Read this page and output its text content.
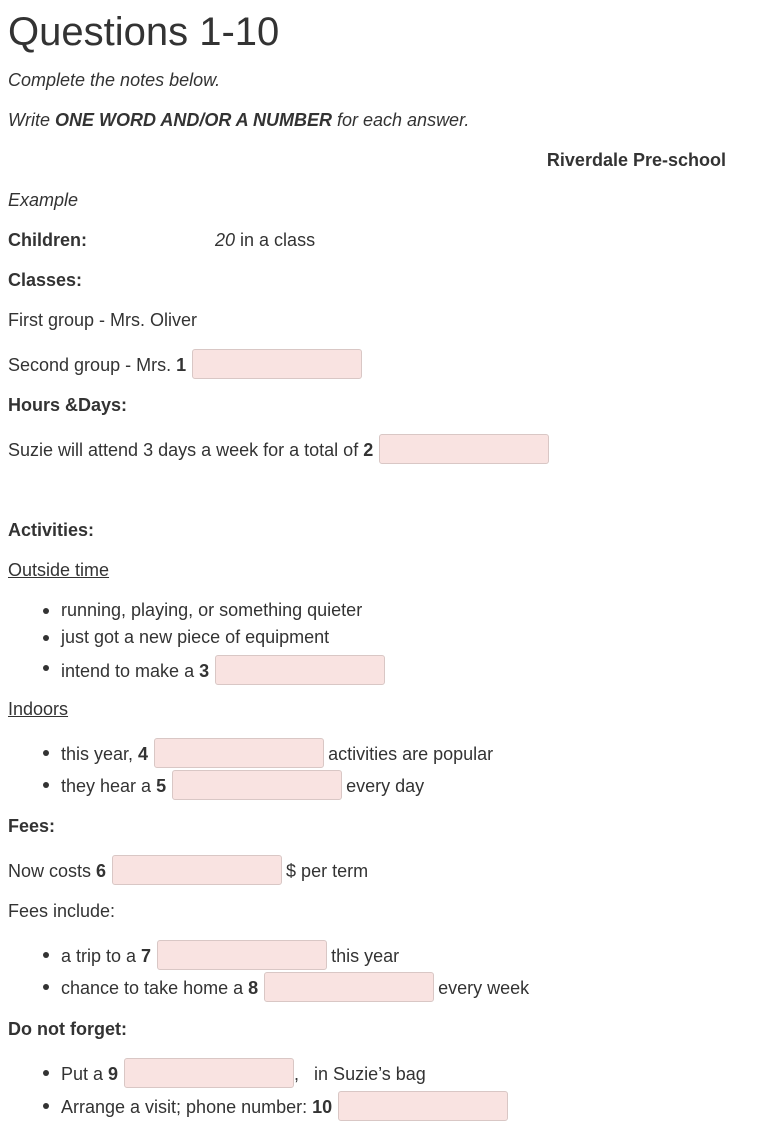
Questions 1-10
Complete the notes below.
Write ONE WORD AND/OR A NUMBER for each answer.
Riverdale Pre-school
Example
Children:	20 in a class
Classes:
First group - Mrs. Oliver
Second group - Mrs. 1
Hours &Days:
Suzie will attend 3 days a week for a total of 2
Activities:
Outside time
running, playing, or something quieter
just got a new piece of equipment
intend to make a 3
Indoors
this year, 4	activities are popular
they hear a 5	every day
Fees:
Now costs 6	$ per term
Fees include:
a trip to a 7	this year
chance to take home a 8	every week
Do not forget:
Put a 9	,   in Suzie’s bag
Arrange a visit; phone number: 10
